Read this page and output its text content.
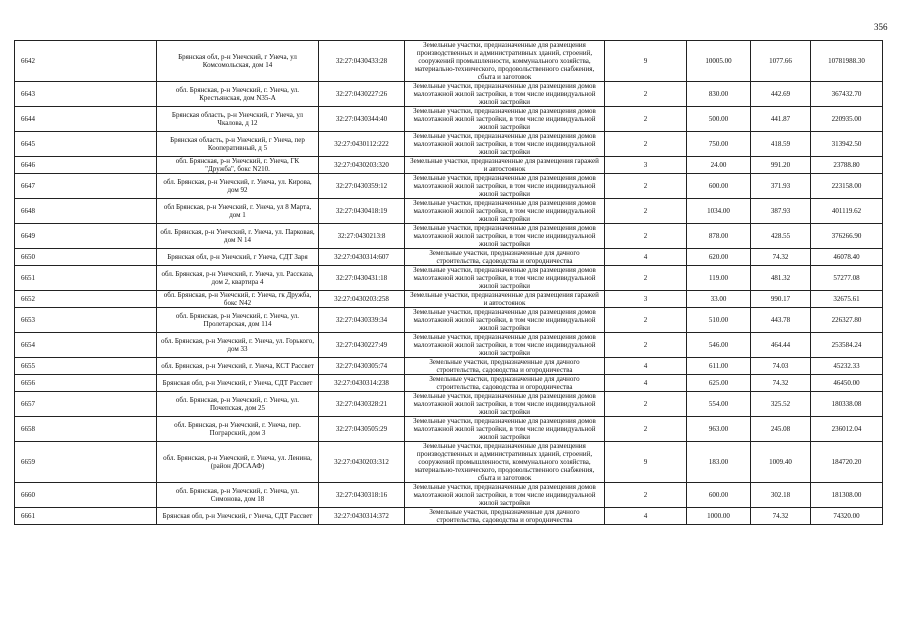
356
6642	Брянская обл, р-н Унечский, г Унеча, ул Комсомольская, дом 14	32:27:0430433:28	Земельные участки, предназначенные для размещения производственных и административных зданий, строений, сооружений промышленности, коммунального хозяйства, материально-технического, продовольственного снабжения, сбыта и заготовок	9	10005.00	1077.66	10781988.30
6643	обл. Брянская, р-н Унечский, г. Унеча, ул. Крестьянская, дом N35-А	32:27:0430227:26	Земельные участки, предназначенные для размещения домов малоэтажной жилой застройки, в том числе индивидуальной жилой застройки	2	830.00	442.69	367432.70
6644	Брянская область, р-н Унечский, г Унеча, ул Чкалова, д 12	32:27:0430344:40	Земельные участки, предназначенные для размещения домов малоэтажной жилой застройки, в том числе индивидуальной жилой застройки	2	500.00	441.87	220935.00
6645	Брянская область, р-н Унечский, г Унеча, пер Кооперативный, д 5	32:27:0430112:222	Земельные участки, предназначенные для размещения домов малоэтажной жилой застройки, в том числе индивидуальной жилой застройки	2	750.00	418.59	313942.50
6646	обл. Брянская, р-н Унечский, г. Унеча, ГК "Дружба", бокс N210.	32:27:0430203:320	Земельные участки, предназначенные для размещения гаражей и автостоянок	3	24.00	991.20	23788.80
6647	обл. Брянская, р-н Унечский, г. Унеча, ул. Кирова, дом 92	32:27:0430359:12	Земельные участки, предназначенные для размещения домов малоэтажной жилой застройки, в том числе индивидуальной жилой застройки	2	600.00	371.93	223158.00
6648	обл Брянская, р-н Унечский, г. Унеча, ул 8 Марта, дом 1	32:27:0430418:19	Земельные участки, предназначенные для размещения домов малоэтажной жилой застройки, в том числе индивидуальной жилой застройки	2	1034.00	387.93	401119.62
6649	обл. Брянская, р-н Унечский, г. Унеча, ул. Парковая, дом N 14	32:27:0430213:8	Земельные участки, предназначенные для размещения домов малоэтажной жилой застройки, в том числе индивидуальной жилой застройки	2	878.00	428.55	376266.90
6650	Брянская обл, р-н Унечский, г Унеча, СДТ Заря	32:27:0430314:607	Земельные участки, предназначенные для дачного строительства, садоводства и огородничества	4	620.00	74.32	46078.40
6651	обл. Брянская, р-н Унечский, г. Унеча, ул. Рассказа, дом 2, квартира 4	32:27:0430431:18	Земельные участки, предназначенные для размещения домов малоэтажной жилой застройки, в том числе индивидуальной жилой застройки	2	119.00	481.32	57277.08
6652	обл. Брянская, р-н Унечский, г. Унеча, гк Дружба, бокс N42	32:27:0430203:258	Земельные участки, предназначенные для размещения гаражей и автостоянок	3	33.00	990.17	32675.61
6653	обл. Брянская, р-н Унечский, г. Унеча, ул. Пролетарская, дом 114	32:27:0430339:34	Земельные участки, предназначенные для размещения домов малоэтажной жилой застройки, в том числе индивидуальной жилой застройки	2	510.00	443.78	226327.80
6654	обл. Брянская, р-н Унечский, г. Унеча, ул. Горького, дом 33	32:27:0430227:49	Земельные участки, предназначенные для размещения домов малоэтажной жилой застройки, в том числе индивидуальной жилой застройки	2	546.00	464.44	253584.24
6655	обл. Брянская, р-н Унечский, г. Унеча, КСТ Рассвет	32:27:0430305:74	Земельные участки, предназначенные для дачного строительства, садоводства и огородничества	4	611.00	74.03	45232.33
6656	Брянская обл, р-н Унечский, г Унеча, СДТ Рассвет	32:27:0430314:238	Земельные участки, предназначенные для дачного строительства, садоводства и огородничества	4	625.00	74.32	46450.00
6657	обл. Брянская, р-н Унечский, г. Унеча, ул. Почепская, дом 25	32:27:0430328:21	Земельные участки, предназначенные для размещения домов малоэтажной жилой застройки, в том числе индивидуальной жилой застройки	2	554.00	325.52	180338.08
6658	обл. Брянская, р-н Унечский, г. Унеча, пер. Пограрский, дом 3	32:27:0430505:29	Земельные участки, предназначенные для размещения домов малоэтажной жилой застройки, в том числе индивидуальной жилой застройки	2	963.00	245.08	236012.04
6659	обл. Брянская, р-н Унечский, г. Унеча, ул. Ленина, (район ДОСААФ)	32:27:0430203:312	Земельные участки, предназначенные для размещения производственных и административных зданий, строений, сооружений промышленности, коммунального хозяйства, материально-технического, продовольственного снабжения, сбыта и заготовок	9	183.00	1009.40	184720.20
6660	обл. Брянская, р-н Унечский, г. Унеча, ул. Симонова, дом 18	32:27:0430318:16	Земельные участки, предназначенные для размещения домов малоэтажной жилой застройки, в том числе индивидуальной жилой застройки	2	600.00	302.18	181308.00
6661	Брянская обл, р-н Унечский, г Унеча, СДТ Рассвет	32:27:0430314:372	Земельные участки, предназначенные для дачного строительства, садоводства и огородничества	4	1000.00	74.32	74320.00
